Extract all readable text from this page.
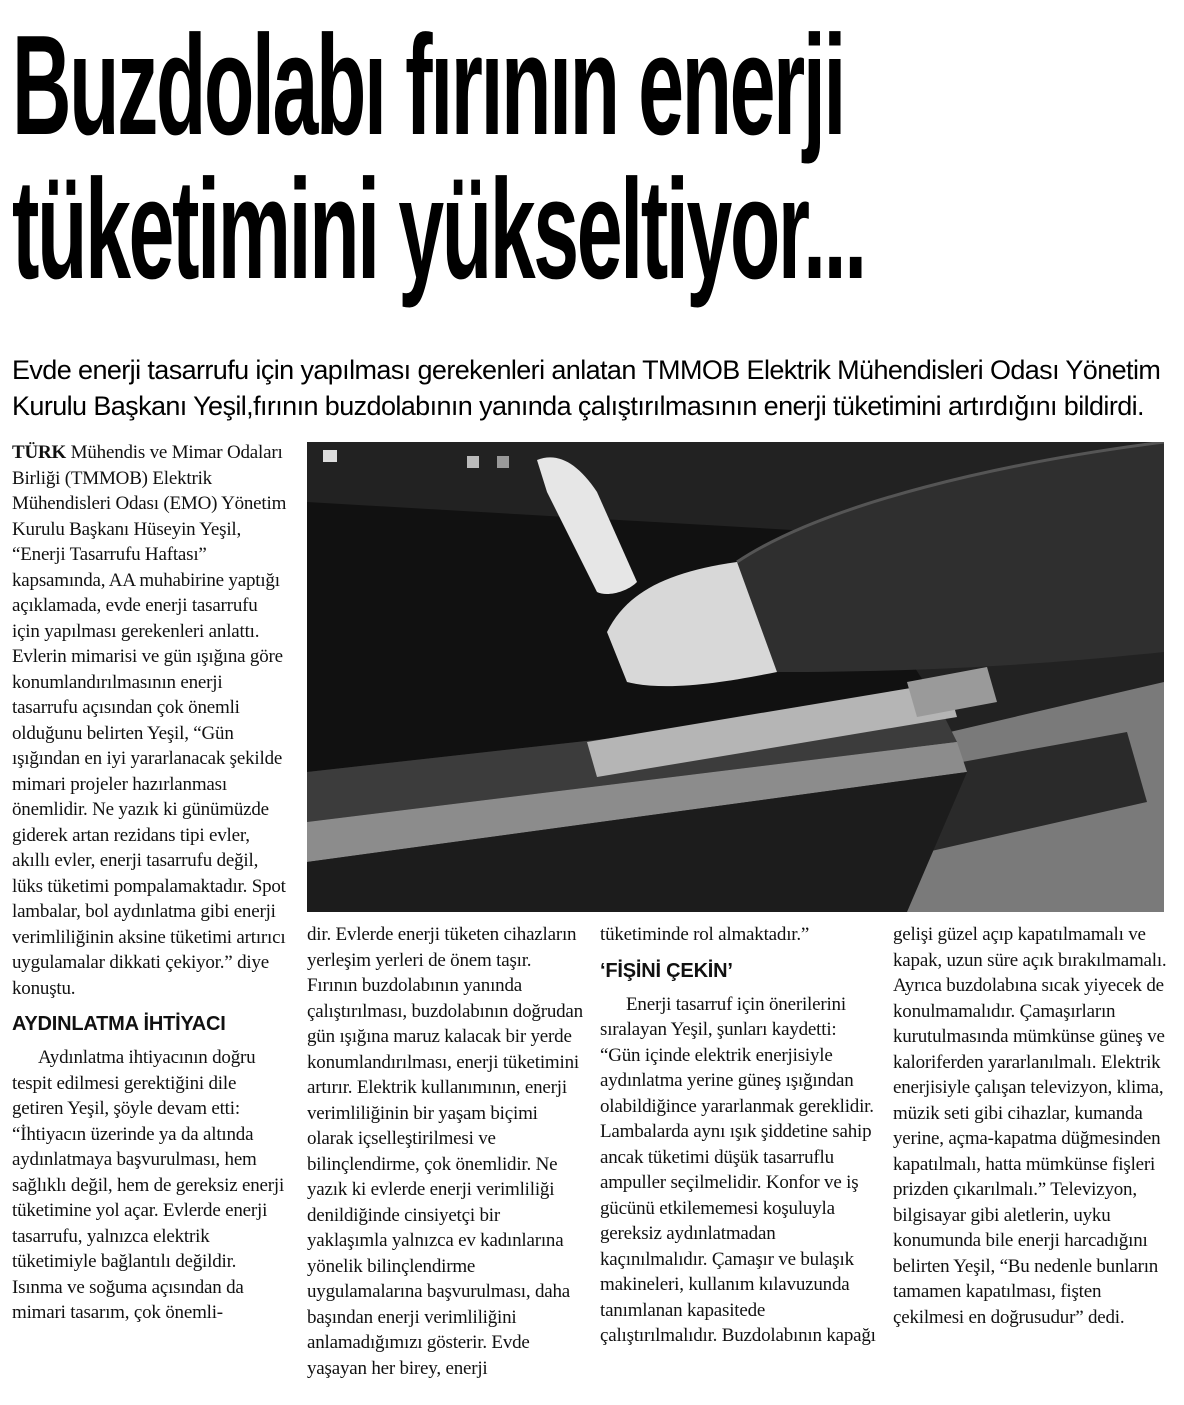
Buzdolabı fırının enerji
tüketimini yükseltiyor...
Evde enerji tasarrufu için yapılması gerekenleri anlatan TMMOB Elektrik Mühendisleri Odası Yönetim Kurulu Başkanı Yeşil,fırının buzdolabının yanında çalıştırılmasının enerji tüketimini artırdığını bildirdi.

TÜRK Mühendis ve Mimar Odaları Birliği (TMMOB) Elektrik Mühendisleri Odası (EMO) Yönetim Kurulu Başkanı Hüseyin Yeşil, “Enerji Tasarrufu Haftası” kapsamında, AA muhabirine yaptığı açıklamada, evde enerji tasarrufu için yapılması gerekenleri anlattı. Evlerin mimarisi ve gün ışığına göre konumlandırılmasının enerji tasarrufu açısından çok önemli olduğunu belirten Yeşil, “Gün ışığından en iyi yararlanacak şekilde mimari projeler hazırlanması önemlidir. Ne yazık ki günümüzde giderek artan rezidans tipi evler, akıllı evler, enerji tasarrufu değil, lüks tüketimi pompalamaktadır. Spot lambalar, bol aydınlatma gibi enerji verimliliğinin aksine tüketimi artırıcı uygulamalar dikkati çekiyor.” diye konuştu.

AYDINLATMA İHTİYACI

Aydınlatma ihtiyacının doğru tespit edilmesi gerektiğini dile getiren Yeşil, şöyle devam etti: “İhtiyacın üzerinde ya da altında aydınlatmaya başvurulması, hem sağlıklı değil, hem de gereksiz enerji tüketimine yol açar. Evlerde enerji tasarrufu, yalnızca elektrik tüketimiyle bağlantılı değildir. Isınma ve soğuma açısından da mimari tasarım, çok önemli-

dir. Evlerde enerji tüketen cihazların yerleşim yerleri de önem taşır. Fırının buzdolabının yanında çalıştırılması, buzdolabının doğrudan gün ışığına maruz kalacak bir yerde konumlandırılması, enerji tüketimini artırır. Elektrik kullanımının, enerji verimliliğinin bir yaşam biçimi olarak içselleştirilmesi ve bilinçlendirme, çok önemlidir. Ne yazık ki evlerde enerji verimliliği denildiğinde cinsiyetçi bir yaklaşımla yalnızca ev kadınlarına yönelik bilinçlendirme uygulamalarına başvurulması, daha başından enerji verimliliğini anlamadığımızı gösterir. Evde yaşayan her birey, enerji

tüketiminde rol almaktadır.”

‘FİŞİNİ ÇEKİN’

Enerji tasarruf için önerilerini sıralayan Yeşil, şunları kaydetti: “Gün içinde elektrik enerjisiyle aydınlatma yerine güneş ışığından olabildiğince yararlanmak gereklidir. Lambalarda aynı ışık şiddetine sahip ancak tüketimi düşük tasarruflu ampuller seçilmelidir. Konfor ve iş gücünü etkilememesi koşuluyla gereksiz aydınlatmadan kaçınılmalıdır. Çamaşır ve bulaşık makineleri, kullanım kılavuzunda tanımlanan kapasitede çalıştırılmalıdır. Buzdolabının kapağı

gelişi güzel açıp kapatılmamalı ve kapak, uzun süre açık bırakılmamalı. Ayrıca buzdolabına sıcak yiyecek de konulmamalıdır. Çamaşırların kurutulmasında mümkünse güneş ve kaloriferden yararlanılmalı. Elektrik enerjisiyle çalışan televizyon, klima, müzik seti gibi cihazlar, kumanda yerine, açma-kapatma düğmesinden kapatılmalı, hatta mümkünse fişleri prizden çıkarılmalı.” Televizyon, bilgisayar gibi aletlerin, uyku konumunda bile enerji harcadığını belirten Yeşil, “Bu nedenle bunların tamamen kapatılması, fişten çekilmesi en doğrusudur” dedi.
